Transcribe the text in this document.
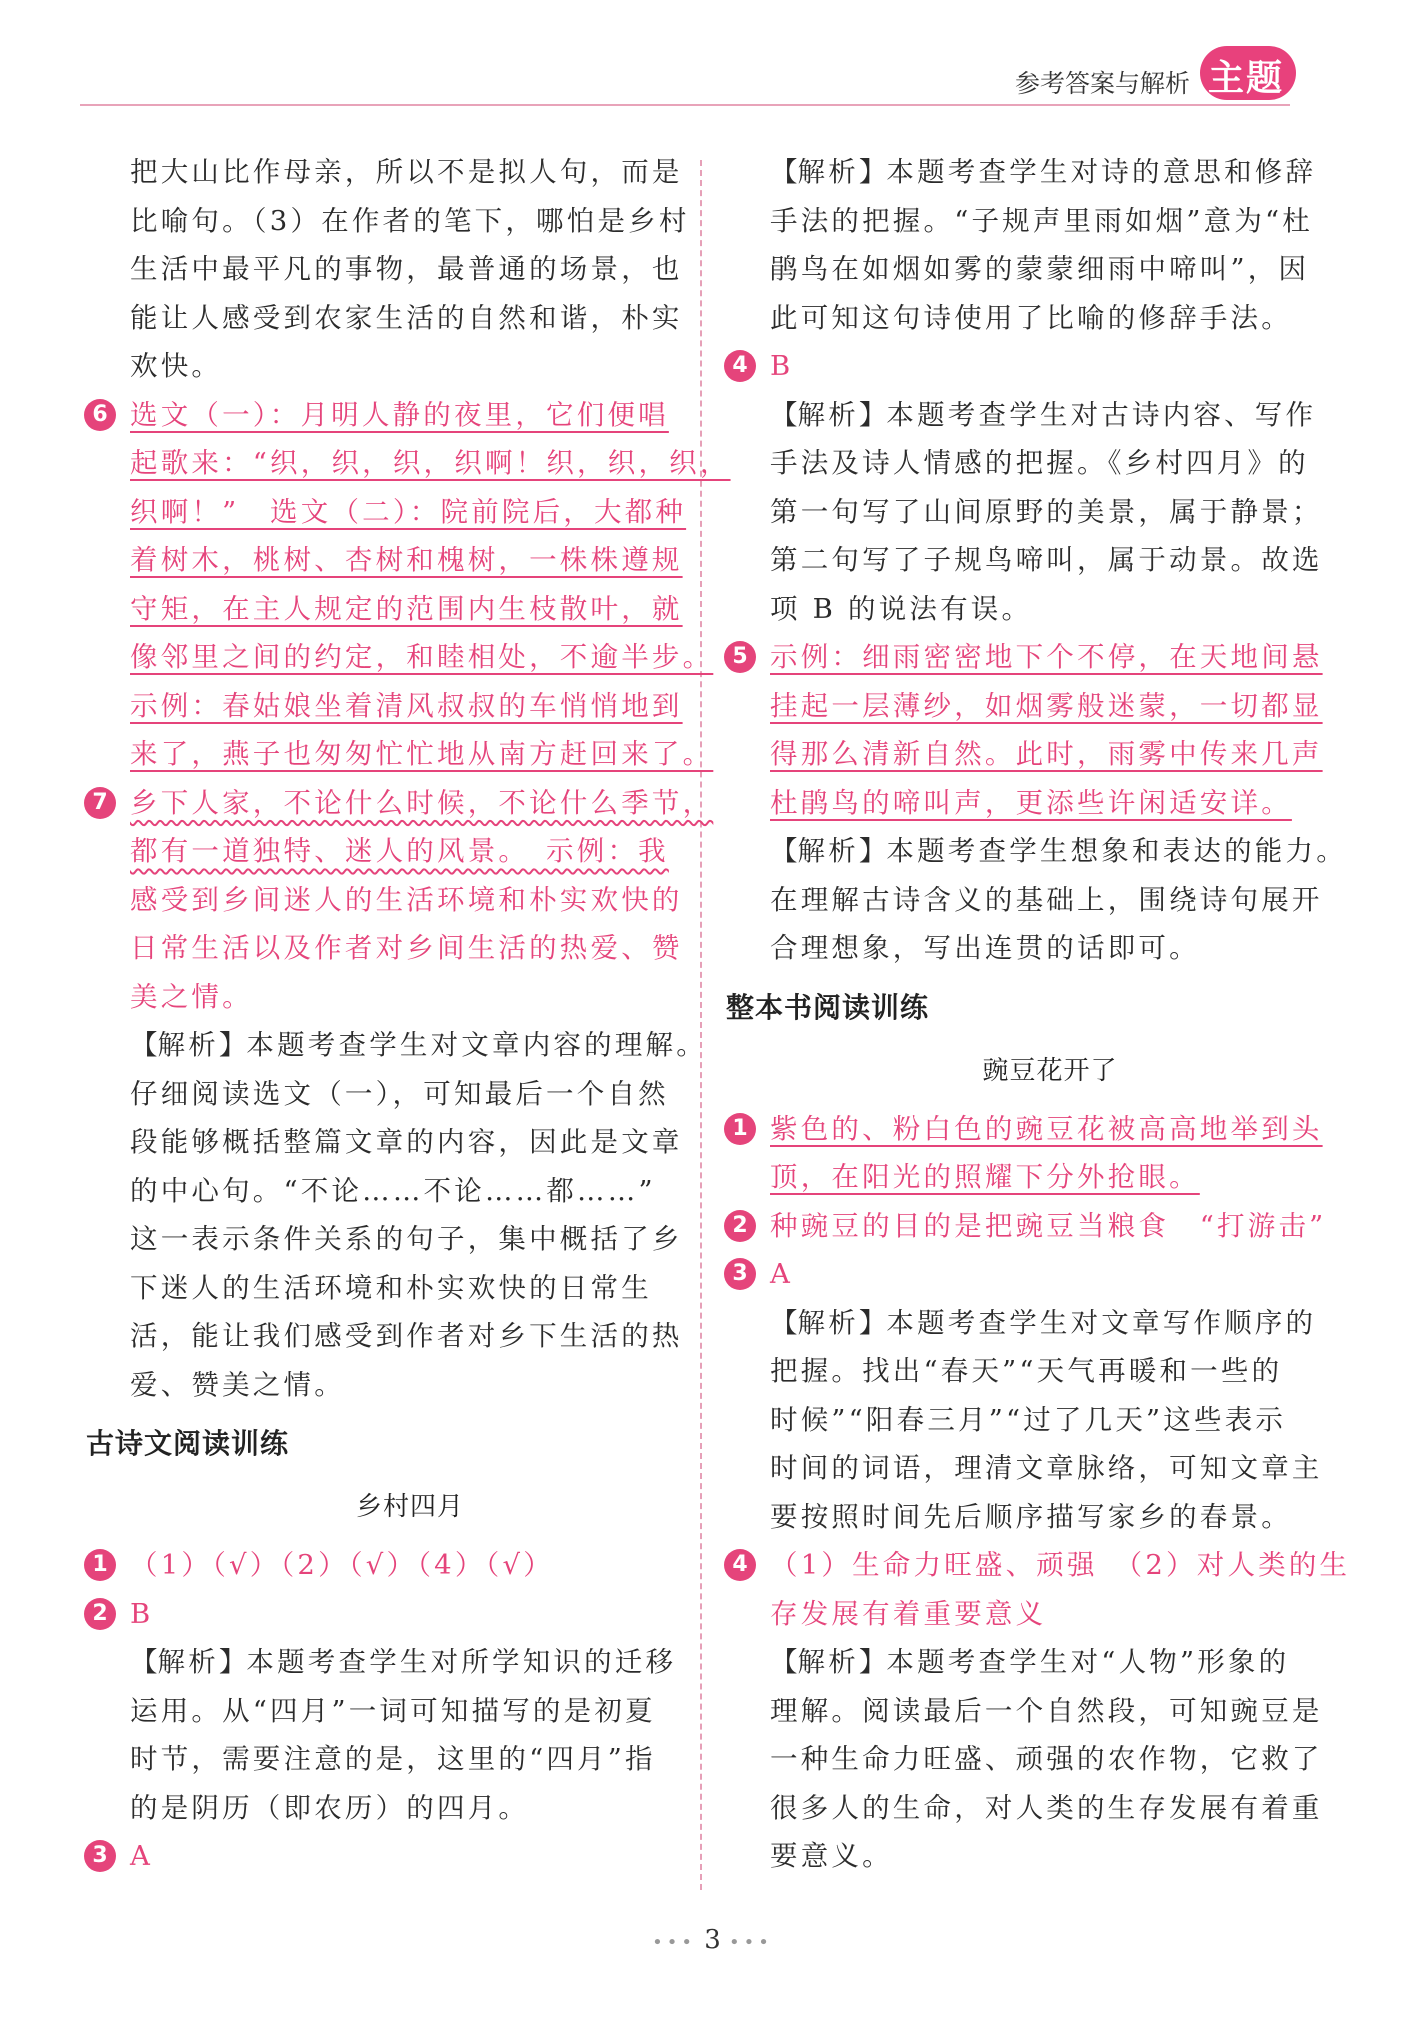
参考答案与解析 主题
把大山比作母亲，所以不是拟人句，而是
比喻句。（3）在作者的笔下，哪怕是乡村
生活中最平凡的事物，最普通的场景，也
能让人感受到农家生活的自然和谐，朴实
欢快。
6 选文（一）：月明人静的夜里，它们便唱
起歌来：“织，织，织，织啊！织，织，织，
织啊！”　选文（二）：院前院后，大都种
着树木，桃树、杏树和槐树，一株株遵规
守矩，在主人规定的范围内生枝散叶，就
像邻里之间的约定，和睦相处，不逾半步。
示例：春姑娘坐着清风叔叔的车悄悄地到
来了，燕子也匆匆忙忙地从南方赶回来了。
7 乡下人家，不论什么时候，不论什么季节，
都有一道独特、迷人的风景。　示例：我
感受到乡间迷人的生活环境和朴实欢快的
日常生活以及作者对乡间生活的热爱、赞
美之情。
【解析】本题考查学生对文章内容的理解。
仔细阅读选文（一），可知最后一个自然
段能够概括整篇文章的内容，因此是文章
的中心句。“不论……不论……都……”
这一表示条件关系的句子，集中概括了乡
下迷人的生活环境和朴实欢快的日常生
活，能让我们感受到作者对乡下生活的热
爱、赞美之情。
古诗文阅读训练
乡村四月
1 （1）（√）（2）（√）（4）（√）
2 B
【解析】本题考查学生对所学知识的迁移
运用。从“四月”一词可知描写的是初夏
时节，需要注意的是，这里的“四月”指
的是阴历（即农历）的四月。
3 A
【解析】本题考查学生对诗的意思和修辞
手法的把握。“子规声里雨如烟”意为“杜
鹃鸟在如烟如雾的蒙蒙细雨中啼叫”，因
此可知这句诗使用了比喻的修辞手法。
4 B
【解析】本题考查学生对古诗内容、写作
手法及诗人情感的把握。《乡村四月》的
第一句写了山间原野的美景，属于静景；
第二句写了子规鸟啼叫，属于动景。故选
项 B 的说法有误。
5 示例：细雨密密地下个不停，在天地间悬
挂起一层薄纱，如烟雾般迷蒙，一切都显
得那么清新自然。此时，雨雾中传来几声
杜鹃鸟的啼叫声，更添些许闲适安详。
【解析】本题考查学生想象和表达的能力。
在理解古诗含义的基础上，围绕诗句展开
合理想象，写出连贯的话即可。
整本书阅读训练
豌豆花开了
1 紫色的、粉白色的豌豆花被高高地举到头
顶，在阳光的照耀下分外抢眼。
2 种豌豆的目的是把豌豆当粮食　“打游击”
3 A
【解析】本题考查学生对文章写作顺序的
把握。找出“春天”“天气再暖和一些的
时候”“阳春三月”“过了几天”这些表示
时间的词语，理清文章脉络，可知文章主
要按照时间先后顺序描写家乡的春景。
4 （1）生命力旺盛、顽强　（2）对人类的生
存发展有着重要意义
【解析】本题考查学生对“人物”形象的
理解。阅读最后一个自然段，可知豌豆是
一种生命力旺盛、顽强的农作物，它救了
很多人的生命，对人类的生存发展有着重
要意义。
••• 3 •••
